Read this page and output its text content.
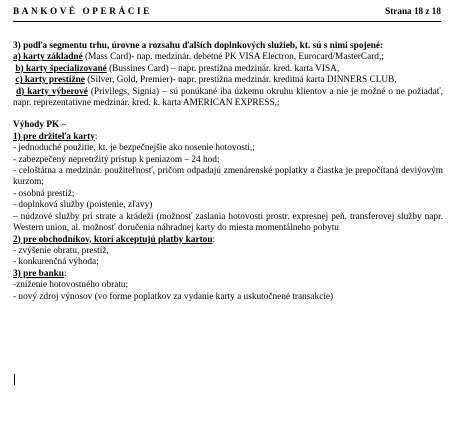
BANKOVÉ OPERÁCIE	Strana 18 z 18

3) podľa segmentu trhu, úrovne a rozsahu ďalších doplnkových služieb, kt. sú s nimi spojené:

a) karty základné (Mass Card)- nap. medzinár. debetné PK VISA Electron, Eurocard/MasterCard,;

b) karty špecializované (Bussines Card) – napr. prestížna medzinár. kred. karta VISA,

c) karty prestížne (Silver, Gold, Premier)- napr. prestížna medzinár. kreditná karta DINNERS CLUB,

d) karty výberové (Privilegs, Signia) – sú ponúkané iba úzkemu okruhu klientov a nie je možné o ne požiadať, napr. reprezentatívne medzinár. kred. k. karta AMERICAN EXPRESS,;

Výhody PK –

1) pre držiteľa karty:

- jednoduché použitie, kt. je bezpečnejšie ako nosenie hotovosti,;

- zabezpečený nepretržitý prístup k peniazom – 24 hod;

- celoštátna a medzinár. použiteľnosť, pričom odpadajú zmenárenské poplatky a čiastka je prepočítaná deviýovým kurzom;

- osobná prestíž;

- doplnková služby (poistenie, zľavy)

– núdzové služby pri strate a krádeži (možnosť zaslania hotovosti prostr. expresnej peň. transferovej služby napr. Western union, al. možnosť doručenia náhradnej karty do miesta momentálneho pobytu

2) pre obchodníkov, ktorí akceptujú platby kartou:

- zvýšenie obratu, prestíž,

- konkurenčná výhoda;

3) pre banku:

-zníženie hotovostného obratu;

- nový zdroj výnosov (vo forme poplatkov za vydanie karty a uskutočnené transakcie)
